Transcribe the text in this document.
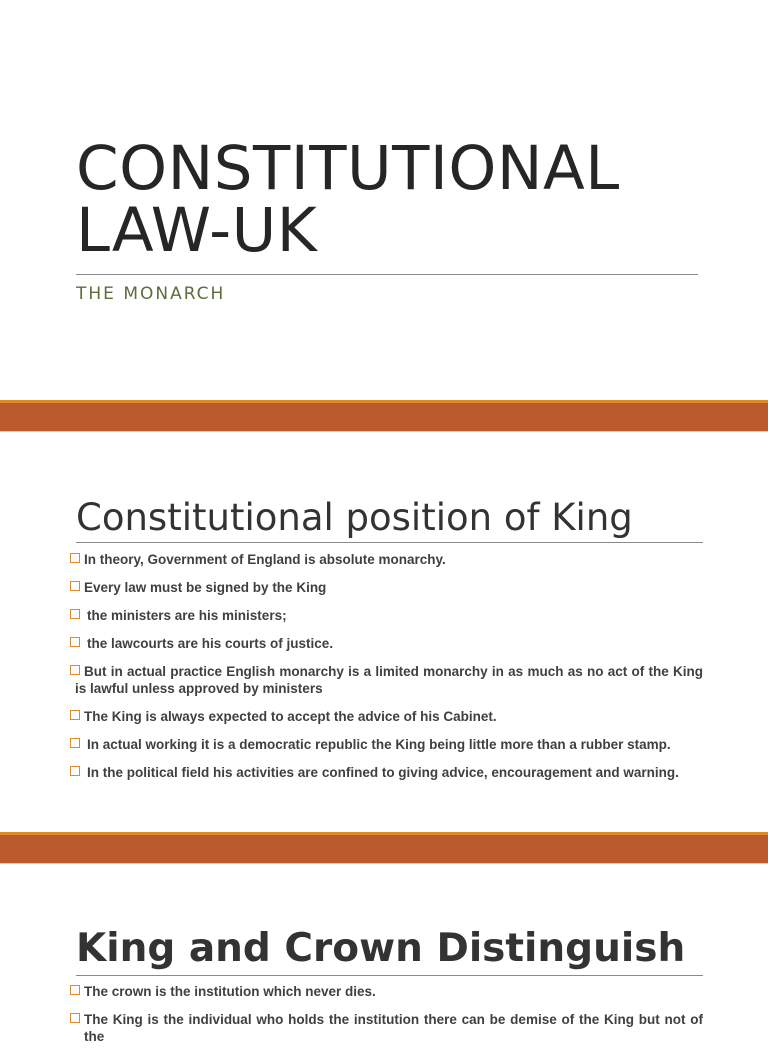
CONSTITUTIONAL
LAW-UK
THE MONARCH
Constitutional position of King
In theory, Government of England is absolute monarchy.
Every law must be signed by the King
the ministers are his ministers;
the lawcourts are his courts of justice.
But in actual practice English monarchy is a limited monarchy in as much as no act of the King is lawful unless approved by ministers
The King is always expected to accept the advice of his Cabinet.
In actual working it is a democratic republic the King being little more than a rubber stamp.
In the political field his activities are confined to giving advice, encouragement and warning.
King and Crown Distinguish
The crown is the institution which never dies.
The King is the individual who holds the institution there can be demise of the King but not of the
